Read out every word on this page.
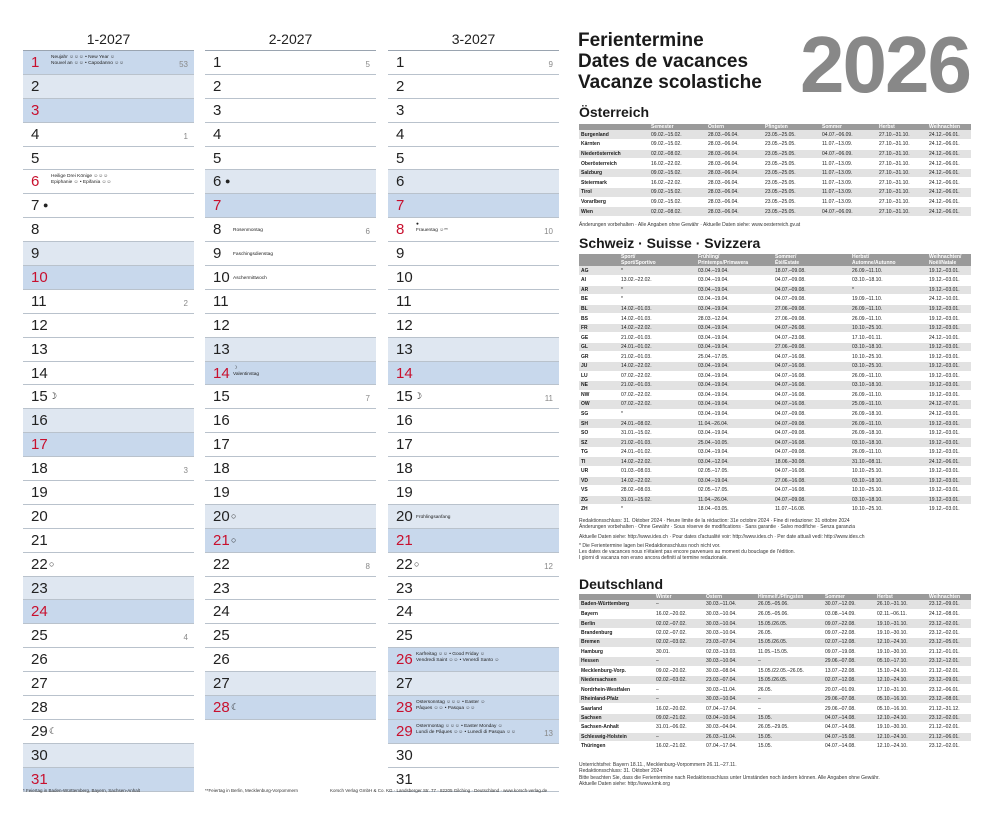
1-2027
1 Neujahr ☺☺☺ • New Year ☺
Nouvel an ☺☺ • Capodanno ☺☺	53
2
3
4	1
5
6 Heilige Drei Könige ☺☺☺
Epiphanie ☺ • Epifania ☺☺
7 ●
8
9
10
11	2
12
13
14
15 ☽
16
17
18	3
19
20
21
22 ○
23
24
25	4
26
27
28
29 ☾
30
31
2-2027
1	5
2
3
4
5
6 ●
7
8 Rosenmontag	6
9 Faschingsdienstag
10 Aschermittwoch
11
12
13
14 ☽
Valentinstag
15	7
16
17
18
19
20 ○
21 ○
22	8
23
24
25
26
27
28 ☾
3-2027
1	9
2
3
4
5
6
7
8 ●
Frauentag ☺**	10
9
10
11
12
13
14
15 ☽	11
16
17
18
19
20 Frühlingsanfang
21
22 ○	12
23
24
25
26 Karfreitag ☺☺ • Good Friday ☺
Vendredi Saint ☺☺ • Venerdì Santo ☺
27
28 Ostersonntag ☺☺☺ • Easter ☺
Pâques ☺☺ • Pasqua ☺☺
29 Ostermontag ☺☺☺ • Easter Monday ☺
Lundi de Pâques ☺☺ • Lunedì di Pasqua ☺☺	13
30
31
Ferientermine
Dates de vacances
Vacanze scolastiche 2026
Österreich
	Semester	Ostern	Pfingsten	Sommer	Herbst	Weihnachten
Burgenland	09.02.–15.02.	28.03.–06.04.	23.05.–25.05.	04.07.–06.09.	27.10.–31.10.	24.12.–06.01.
Kärnten	09.02.–15.02.	28.03.–06.04.	23.05.–25.05.	11.07.–13.09.	27.10.–31.10.	24.12.–06.01.
Niederösterreich	02.02.–08.02.	28.03.–06.04.	23.05.–25.05.	04.07.–06.09.	27.10.–31.10.	24.12.–06.01.
Oberösterreich	16.02.–22.02.	28.03.–06.04.	23.05.–25.05.	11.07.–13.09.	27.10.–31.10.	24.12.–06.01.
Salzburg	09.02.–15.02.	28.03.–06.04.	23.05.–25.05.	11.07.–13.09.	27.10.–31.10.	24.12.–06.01.
Steiermark	16.02.–22.02.	28.03.–06.04.	23.05.–25.05.	11.07.–13.09.	27.10.–31.10.	24.12.–06.01.
Tirol	09.02.–15.02.	28.03.–06.04.	23.05.–25.05.	11.07.–13.09.	27.10.–31.10.	24.12.–06.01.
Vorarlberg	09.02.–15.02.	28.03.–06.04.	23.05.–25.05.	11.07.–13.09.	27.10.–31.10.	24.12.–06.01.
Wien	02.02.–08.02.	28.03.–06.04.	23.05.–25.05.	04.07.–06.09.	27.10.–31.10.	24.12.–06.01.
Änderungen vorbehalten · Alle Angaben ohne Gewähr · Aktuelle Daten siehe: www.oesterreich.gv.at
Schweiz · Suisse · Svizzera
	Sport/
Sport/Sportivo	Frühling/
Printemps/Primavera	Sommer/
Été/Estate	Herbst/
Automne/Autunno	Weihnachten/
Noël/Natale
AG	*	03.04.–19.04.	18.07.–09.08.	26.09.–11.10.	19.12.–03.01.
AI	13.02.–22.02.	03.04.–19.04.	04.07.–09.08.	03.10.–18.10.	19.12.–03.01.
AR	*	03.04.–19.04.	04.07.–09.08.	*	19.12.–03.01.
BE	*	03.04.–19.04.	04.07.–09.08.	19.09.–11.10.	24.12.–10.01.
BL	14.02.–01.03.	03.04.–19.04.	27.06.–09.08.	26.09.–11.10.	19.12.–03.01.
BS	14.02.–01.03.	28.03.–12.04.	27.06.–09.08.	26.09.–11.10.	19.12.–03.01.
FR	14.02.–22.02.	03.04.–19.04.	04.07.–26.08.	10.10.–25.10.	19.12.–03.01.
GE	21.02.–01.03.	03.04.–19.04.	04.07.–23.08.	17.10.–01.11.	24.12.–10.01.
GL	24.01.–01.02.	03.04.–19.04.	27.06.–09.08.	03.10.–18.10.	19.12.–03.01.
GR	21.02.–01.03.	25.04.–17.05.	04.07.–16.08.	10.10.–25.10.	19.12.–03.01.
JU	14.02.–22.02.	03.04.–19.04.	04.07.–16.08.	03.10.–25.10.	19.12.–03.01.
LU	07.02.–22.02.	03.04.–19.04.	04.07.–16.08.	26.09.–11.10.	19.12.–03.01.
NE	21.02.–01.03.	03.04.–19.04.	04.07.–16.08.	03.10.–18.10.	19.12.–03.01.
NW	07.02.–22.02.	03.04.–19.04.	04.07.–16.08.	26.09.–11.10.	19.12.–03.01.
OW	07.02.–22.02.	03.04.–19.04.	04.07.–16.08.	25.09.–11.10.	24.12.–07.01.
SG	*	03.04.–19.04.	04.07.–09.08.	26.09.–18.10.	24.12.–03.01.
SH	24.01.–08.02.	11.04.–26.04.	04.07.–09.08.	26.09.–11.10.	19.12.–03.01.
SO	31.01.–15.02.	03.04.–19.04.	04.07.–09.08.	26.09.–18.10.	19.12.–03.01.
SZ	21.02.–01.03.	25.04.–10.05.	04.07.–16.08.	03.10.–18.10.	19.12.–03.01.
TG	24.01.–01.02.	03.04.–19.04.	04.07.–09.08.	26.09.–11.10.	19.12.–03.01.
TI	14.02.–22.02.	03.04.–12.04.	18.06.–30.08.	31.10.–08.11.	24.12.–06.01.
UR	01.03.–08.03.	02.05.–17.05.	04.07.–16.08.	10.10.–25.10.	19.12.–03.01.
VD	14.02.–22.02.	03.04.–19.04.	27.06.–16.08.	03.10.–18.10.	19.12.–03.01.
VS	28.02.–08.03.	02.05.–17.05.	04.07.–16.08.	10.10.–25.10.	19.12.–03.01.
ZG	31.01.–15.02.	11.04.–26.04.	04.07.–09.08.	03.10.–18.10.	19.12.–03.01.
ZH	*	18.04.–03.05.	11.07.–16.08.	10.10.–25.10.	19.12.–03.01.
Redaktionsschluss: 31. Oktober 2024 · Heure limite de la rédaction: 31e octobre 2024 · Fine di redazione: 31 ottobre 2024
Änderungen vorbehalten · Ohne Gewähr · Sous réserve de modifications · Sans garantie · Salvo modifiche · Senza garanzia
Aktuelle Daten siehe: http://www.ides.ch · Pour dates d'actualité voir: http://www.ides.ch · Per date attuali vedi: http://www.ides.ch
* Die Ferientermine lagen bei Redaktionsschluss noch nicht vor.
Les dates de vacances nous n'étaient pas encore parvenues au moment du bouclage de l'édition.
I giorni di vacanza non erano ancora definiti al termine redazionale.
Deutschland
	Winter	Ostern	Himmelf./Pfingsten	Sommer	Herbst	Weihnachten
Baden-Württemberg	–	30.03.–11.04.	26.05.–05.06.	30.07.–12.09.	26.10.–31.10.	23.12.–09.01.
Bayern	16.02.–20.02.	30.03.–10.04.	26.05.–05.06.	03.08.–14.09.	02.11.–06.11.	24.12.–08.01.
Berlin	02.02.–07.02.	30.03.–10.04.	15.05./26.05.	09.07.–22.08.	19.10.–31.10.	23.12.–02.01.
Brandenburg	02.02.–07.02.	30.03.–10.04.	26.05.	09.07.–22.08.	19.10.–30.10.	23.12.–02.01.
Bremen	02.02.–03.02.	23.03.–07.04.	15.05./26.05.	02.07.–12.08.	12.10.–24.10.	23.12.–05.01.
Hamburg	30.01.	02.03.–13.03.	11.05.–15.05.	09.07.–19.08.	19.10.–30.10.	21.12.–01.01.
Hessen	–	30.03.–10.04.	–	29.06.–07.08.	05.10.–17.10.	23.12.–12.01.
Mecklenburg-Vorp.	09.02.–20.02.	30.03.–08.04.	15.05./22.05.–26.05.	13.07.–22.08.	15.10.–24.10.	21.12.–02.01.
Niedersachsen	02.02.–03.02.	23.03.–07.04.	15.05./26.05.	02.07.–12.08.	12.10.–24.10.	23.12.–09.01.
Nordrhein-Westfalen	–	30.03.–11.04.	26.05.	20.07.–01.09.	17.10.–31.10.	23.12.–06.01.
Rheinland-Pfalz	–	30.03.–10.04.	–	29.06.–07.08.	05.10.–16.10.	23.12.–08.01.
Saarland	16.02.–20.02.	07.04.–17.04.	–	29.06.–07.08.	05.10.–16.10.	21.12.–31.12.
Sachsen	09.02.–21.02.	03.04.–10.04.	15.05.	04.07.–14.08.	12.10.–24.10.	23.12.–02.01.
Sachsen-Anhalt	31.01.–06.02.	30.03.–04.04.	26.05.–29.05.	04.07.–14.08.	19.10.–30.10.	21.12.–02.01.
Schleswig-Holstein	–	26.03.–11.04.	15.05.	04.07.–15.08.	12.10.–24.10.	21.12.–06.01.
Thüringen	16.02.–21.02.	07.04.–17.04.	15.05.	04.07.–14.08.	12.10.–24.10.	23.12.–02.01.
Unterrichtsfrei: Bayern 18.11., Mecklenburg-Vorpommern 26.11.–27.11.
Redaktionsschluss: 31. Oktober 2024
Bitte beachten Sie, dass die Ferientermine nach Redaktionsschluss unter Umständen noch ändern können. Alle Angaben ohne Gewähr.
Aktuelle Daten siehe: http://www.kmk.org
* Feiertag in Baden-Württemberg, Bayern, Sachsen-Anhalt	**Feiertag in Berlin, Mecklenburg-Vorpommern	Korsch Verlag GmbH & Co. KG · Landsberger Str. 77 · 82205 Gilching · Deutschland · www.korsch-verlag.de
